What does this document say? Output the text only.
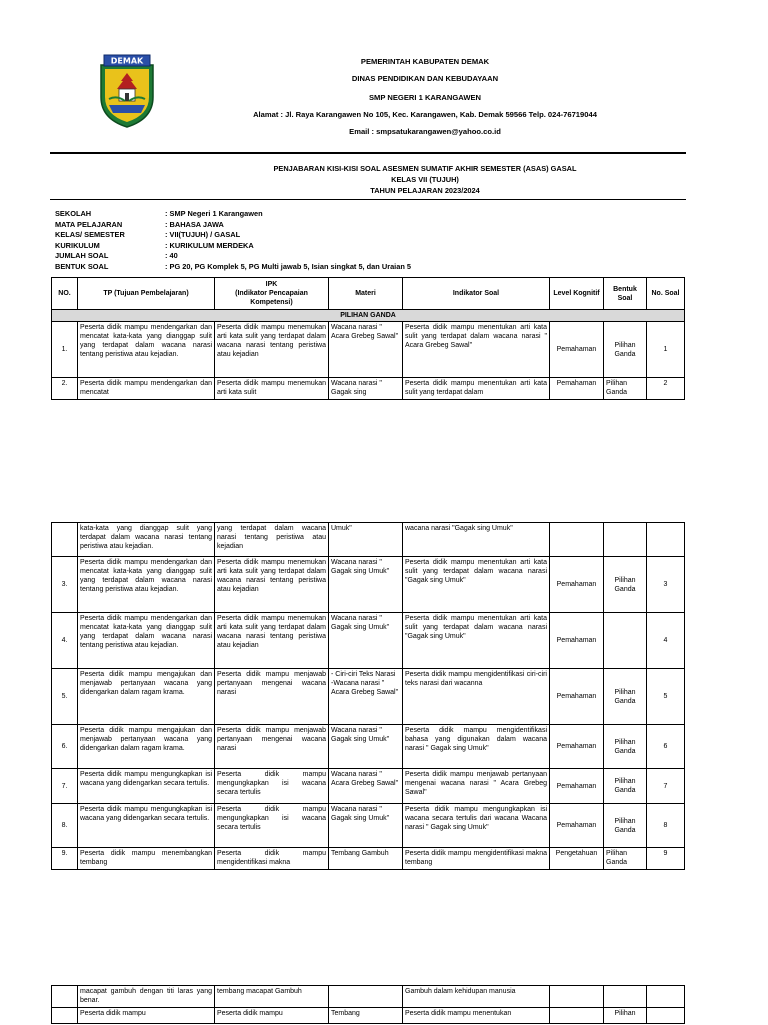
DEMAK	PEMERINTAH KABUPATEN DEMAK
DINAS PENDIDIKAN DAN KEBUDAYAAN
SMP NEGERI 1 KARANGAWEN
Alamat : Jl. Raya Karangawen No 105, Kec. Karangawen, Kab. Demak 59566 Telp. 024-76719044
Email : smpsatukarangawen@yahoo.co.id
PENJABARAN KISI-KISI SOAL ASESMEN SUMATIF AKHIR SEMESTER (ASAS) GASAL
KELAS VII (TUJUH)
TAHUN PELAJARAN 2023/2024
SEKOLAH	: SMP Negeri 1 Karangawen
MATA PELAJARAN	: BAHASA JAWA
KELAS/ SEMESTER	: VII(TUJUH) / GASAL
KURIKULUM	: KURIKULUM MERDEKA
JUMLAH SOAL	: 40
BENTUK SOAL	: PG 20, PG Komplek 5, PG Multi jawab 5, Isian singkat 5, dan Uraian 5
NO.	TP (Tujuan Pembelajaran)	IPK
(Indikator Pencapaian Kompetensi)	Materi	Indikator Soal	Level Kognitif	Bentuk Soal	No. Soal
PILIHAN GANDA							
1.	Peserta didik mampu mendengarkan dan mencatat kata-kata yang dianggap sulit yang terdapat dalam wacana narasi tentang peristiwa atau kejadian.	Peserta didik mampu menemukan arti kata sulit yang terdapat dalam wacana narasi tentang peristiwa atau kejadian	Wacana narasi " Acara Grebeg Sawal"	Peserta didik mampu menentukan arti kata sulit yang terdapat dalam wacana narasi " Acara Grebeg Sawal"	Pemahaman	Pilihan Ganda	1
2.	Peserta didik mampu mendengarkan dan mencatat	Peserta didik mampu menemukan arti kata sulit	Wacana narasi " Gagak sing	Peserta didik mampu menentukan arti kata sulit yang terdapat dalam	Pemahaman	Pilihan Ganda	2
	kata-kata yang dianggap sulit yang terdapat dalam wacana narasi tentang peristiwa atau kejadian.	yang terdapat dalam wacana narasi tentang peristiwa atau kejadian	Umuk"	wacana narasi "Gagak sing Umuk"			
3.	Peserta didik mampu mendengarkan dan mencatat kata-kata yang dianggap sulit yang terdapat dalam wacana narasi tentang peristiwa atau kejadian.	Peserta didik mampu menemukan arti kata sulit yang terdapat dalam wacana narasi tentang peristiwa atau kejadian	Wacana narasi " Gagak sing Umuk"	Peserta didik mampu menentukan arti kata sulit yang terdapat dalam wacana narasi "Gagak sing Umuk"	Pemahaman	Pilihan Ganda	3
4.	Peserta didik mampu mendengarkan dan mencatat kata-kata yang dianggap sulit yang terdapat dalam wacana narasi tentang peristiwa atau kejadian.	Peserta didik mampu menemukan arti kata sulit yang terdapat dalam wacana narasi tentang peristiwa atau kejadian	Wacana narasi " Gagak sing Umuk"	Peserta didik mampu menentukan arti kata sulit yang terdapat dalam wacana narasi "Gagak sing Umuk"	Pemahaman		4
5.	Peserta didik mampu mengajukan dan menjawab pertanyaan wacana yang didengarkan dalam ragam krama.	Peserta didik mampu menjawab pertanyaan mengenai wacana narasi	- Ciri-ciri Teks Narasi
-Wacana narasi " Acara Grebeg Sawal"	Peserta didik mampu mengidentifikasi ciri-ciri teks narasi dari wacanna	Pemahaman	Pilihan Ganda	5
6.	Peserta didik mampu mengajukan dan menjawab pertanyaan wacana yang didengarkan dalam ragam krama.	Peserta didik mampu menjawab pertanyaan mengenai wacana narasi	Wacana narasi " Gagak sing Umuk"	Peserta didik mampu mengidentifikasi bahasa yang digunakan dalam wacana narasi " Gagak sing Umuk"	Pemahaman	Pilihan Ganda	6
7.	Peserta didik mampu mengungkapkan isi wacana yang didengarkan secara tertulis.	Peserta didik mampu mengungkapkan isi wacana secara tertulis	Wacana narasi " Acara Grebeg Sawal"	Peserta didik mampu menjawab pertanyaan mengenai wacana narasi " Acara Grebeg Sawal"	Pemahaman	Pilihan Ganda	7
8.	Peserta didik mampu mengungkapkan isi wacana yang didengarkan secara tertulis.	Peserta didik mampu mengungkapkan isi wacana secara tertulis	Wacana narasi " Gagak sing Umuk"	Peserta didik mampu mengungkapkan isi wacana secara tertulis dari wacana Wacana narasi " Gagak sing Umuk"	Pemahaman	Pilihan Ganda	8
9.	Peserta didik mampu menembangkan tembang	Peserta didik mampu mengidentifikasi makna	Tembang Gambuh	Peserta didik mampu mengidentifikasi makna tembang	Pengetahuan	Pilihan Ganda	9
	macapat gambuh dengan titi laras yang benar.	tembang macapat Gambuh		Gambuh dalam kehidupan manusia			
	Peserta didik mampu	Peserta didik mampu	Tembang	Peserta didik mampu menentukan		Pilihan	
